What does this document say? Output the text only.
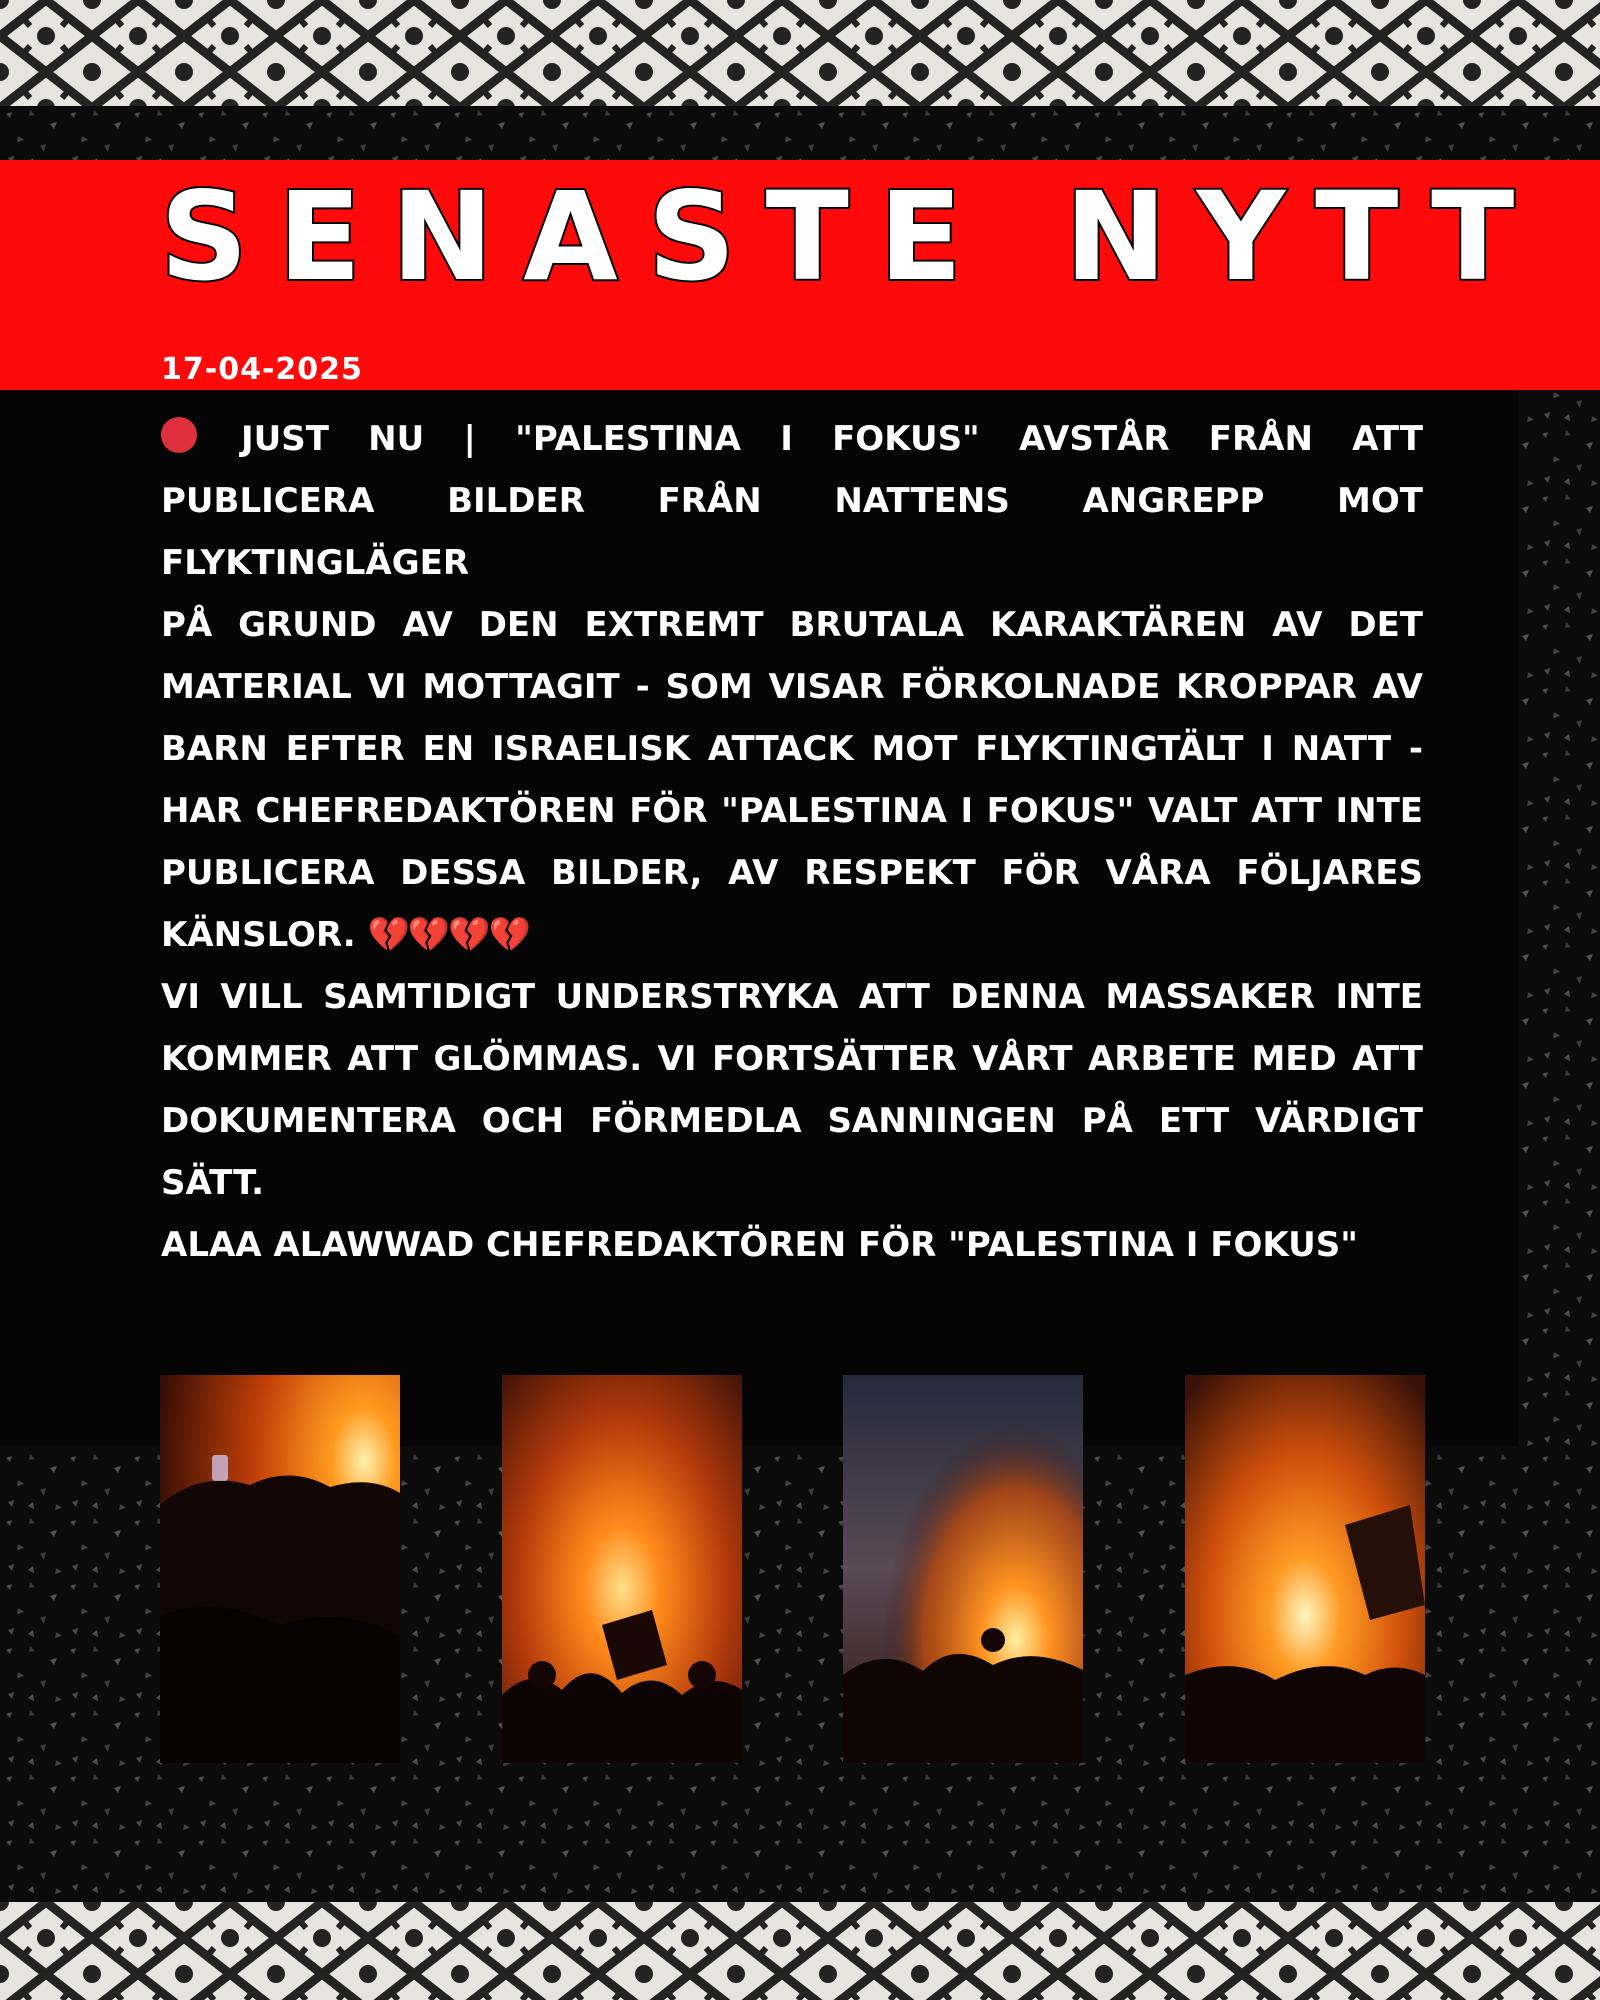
SENASTE NYTT
17-04-2025

JUST NU | "PALESTINA I FOKUS" AVSTÅR FRÅN ATT PUBLICERA BILDER FRÅN NATTENS ANGREPP MOT FLYKTINGLÄGER

PÅ GRUND AV DEN EXTREMT BRUTALA KARAKTÄREN AV DET MATERIAL VI MOTTAGIT - SOM VISAR FÖRKOLNADE KROPPAR AV BARN EFTER EN ISRAELISK ATTACK MOT FLYKTINGTÄLT I NATT - HAR CHEFREDAKTÖREN FÖR "PALESTINA I FOKUS" VALT ATT INTE PUBLICERA DESSA BILDER, AV RESPEKT FÖR VÅRA FÖLJARES KÄNSLOR. 💔💔💔💔

VI VILL SAMTIDIGT UNDERSTRYKA ATT DENNA MASSAKER INTE KOMMER ATT GLÖMMAS. VI FORTSÄTTER VÅRT ARBETE MED ATT DOKUMENTERA OCH FÖRMEDLA SANNINGEN PÅ ETT VÄRDIGT SÄTT.

ALAA ALAWWAD CHEFREDAKTÖREN FÖR "PALESTINA I FOKUS"
